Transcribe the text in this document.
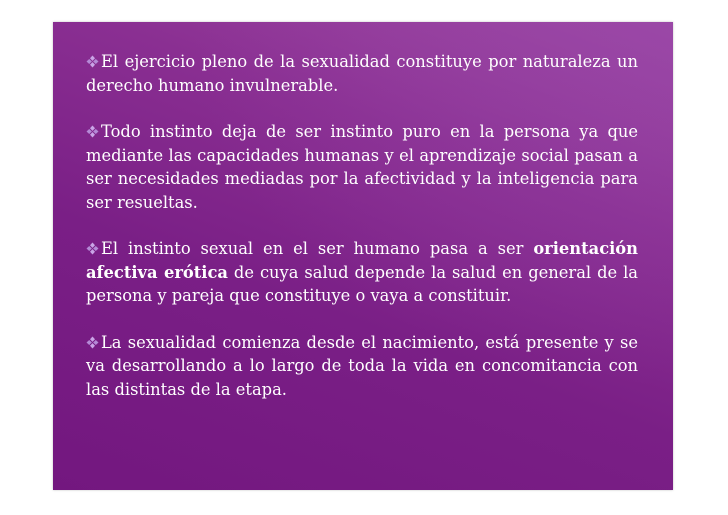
El ejercicio pleno de la sexualidad constituye por naturaleza un derecho humano invulnerable.

Todo instinto deja de ser instinto puro en la persona ya que mediante las capacidades humanas y el aprendizaje social pasan a ser necesidades mediadas por la afectividad y la inteligencia para ser resueltas.

El instinto sexual en el ser humano pasa a ser orientación afectiva erótica de cuya salud depende la salud en general de la persona y pareja que constituye o vaya a constituir.

La sexualidad comienza desde el nacimiento, está presente y se va desarrollando a lo largo de toda la vida en concomitancia con las distintas de la etapa.
